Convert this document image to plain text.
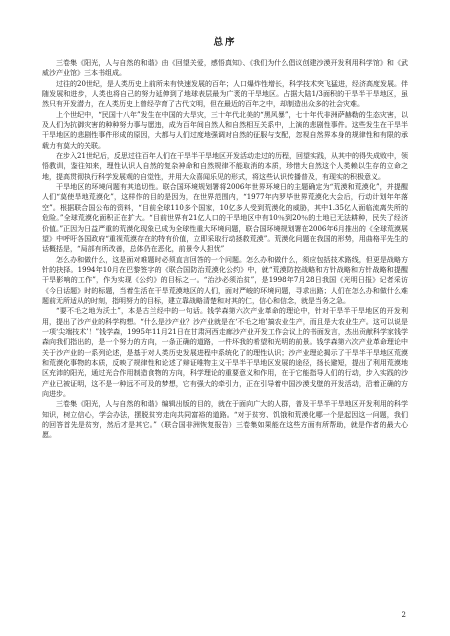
总序

三卷集《阳光，人与自然的和谐》由《回望关爱，感悟真知》、《我们为什么倡议创建沙漠开发利用科学馆》和《武威沙产业馆》三本书组成。

过往的20世纪，是人类历史上前所未有快速发展的百年；人口爆炸性增长，科学技术突飞猛进，经济高度发展。伴随发展和进步，人类也将自己的努力延伸到了地球表层最为广袤的干旱地区。占据大陆1/3面积的干旱半干旱地区，虽然只有开发潜力，在人类历史上曾经孕育了古代文明，但在最近的百年之中，却制造出众多的社会灾难。

上个世纪中，“民国十八年”发生在中国的大旱灾，三十年代北美的“黑风暴”，七十年代非洲萨赫勒的生态灾害，以及人们为抗御灾害的种种努力事与愿违，成为百年间自然人和自然相互关系中，上演的悲剧性事件。这些发生在干旱半干旱地区的悲剧性事件形成的原因，大都与人们过度地强调对自然的征服与支配，忽视自然界本身的规律性和有限的承载力有莫大的关联。

在步入21世纪后，反思过往百年人们在干旱半干旱地区开发活动走过的历程，回望实践，从其中的得失成败中，领悟教训，鉴往知来，理性认识人自然的复杂神命和自然规律不能取消的本质，珍惜大自然这个人类赖以生存的立命之地，提高贯彻执行科学发展观的自觉性，并用大众喜闻乐见的形式，将这些认识传播普及，有现实的积极意义。

干旱地区的环境问题有其追切性。联合国环境规划署将2006年世界环境日的主题确定为“荒漠和荒漠化”，并提醒人们“莫使旱地荒漠化”，这样作的目的是因为，在世界范围内，“1977年内罗毕世界荒漠化大会后，行动计划年年落空”。根据联合国公布的资料，“目前全球110多个国家，10亿多人受到荒漠化的威胁，其中1.35亿人面临流离失所的危险。”全球荒漠化面积正在扩大。“目前世界有21亿人口的干旱地区中有10％到20％的土地已无法耕种，民失了经济价值。”正因为日益严重的荒漠化现象已成为全球性重大环境问题，联合国环境规划署在2006年6月推出的《全球荒漠展望》中呼吁各国政府“重视荒漠存在的特有价值，立即采取行动拯救荒漠”。荒漠化问题在我国的形势，用曲格平先生的话概括是，“局部有所改善，总体仍在恶化，前景令人担忧”

怎么办和做什么，这是面对难题时必须直言回答的一个问题。怎么办和做什么，须应包括技术路线，但更是战略方针的抉择。1994年10月在巴黎签字的《联合国防治荒漠化公约》中，就“荒漠防控战略和方针战略和方针战略和提醒干旱影响的工作”，作为实现《公约》的目标之一。“治沙必须治贫”，是1998年7月28日我国《光明日报》记者采访《今日话题》时的标题，当着生活在干旱荒漠地区的人们，面对严峻的环境问题，寻求出路；人们在怎么办和做什么难题前无所适从的时刻，指明努力的目标，建立靠战略清楚和对其的仁，信心和信念，就是当务之急。

“要不毛之地为沃土”，本是古兰经中的一句话。钱学森第六次产业革命的理论中，针对干旱半干旱地区的开发利用，提出了沙产业的科学构想。“什么是沙产业？沙产业就是在‘不毛之地’搞农业生产，而且是大农业生产。这可以说是一项‘尖端技术’！”钱学森，1995年11月21日在甘肃河西走廊沙产业开发工作会议上的书面发言，杰出贡献科学家钱学森向我们指出的，是一个努力的方向，一条正确的道路，一件坏我的希望和光明的前景。钱学森第六次产业革命理论中关于沙产业的一系列论述，是基于对人类历史发展进程中系统化了的理性认识；沙产业理论揭示了干旱半干旱地区荒漠和荒漠化事物的本质，反映了规律性和论述了辩证唯物主义干旱半干旱地区发展的途径，扬长避短，提出了利用荒漠地区充沛的阳光，通过光合作用制造食物的方向，科学理论的重要意义和作用，在于它能指导人们的行动，步入实践的沙产业已被证明，这不是一种远不可及的梦想，它有强大的牵引力，正在引导着中国沙漠戈壁的开发活动，沿着正确的方向进步。

三卷集《阳光，人与自然的和谐》编辑出版的目的，就在于面向广大的人群，普及干旱半干旱地区开发利用的科学知识，树立信心，学会办法，摆脱贫穷走向共同富裕的道路。“对于贫穷、饥饿和荒漠化哪一个是起因这一问题，我们的回答首先是贫穷，然后才是其它。”（联合国非洲恢复报告）三卷集如果能在这些方面有所帮助，就是作者的最大心愿。

2
